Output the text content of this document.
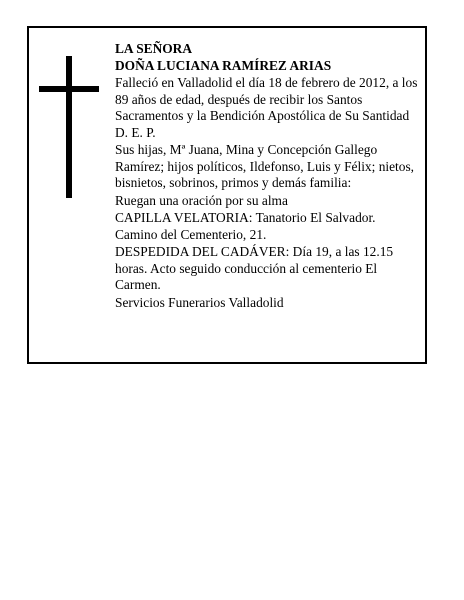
LA SEÑORA

DOÑA LUCIANA RAMÍREZ ARIAS

Falleció en Valladolid el día 18 de febrero de 2012, a los 89 años de edad, después de recibir los Santos Sacramentos y la Bendición Apostólica de Su Santidad

D. E. P.

Sus hijas, Mª Juana, Mina y Concepción Gallego Ramírez; hijos políticos, Ildefonso, Luis y Félix; nietos, bisnietos, sobrinos, primos y demás familia:

Ruegan una oración por su alma

CAPILLA VELATORIA: Tanatorio El Salvador. Camino del Cementerio, 21.

DESPEDIDA DEL CADÁVER: Día 19, a las 12.15 horas. Acto seguido conducción al cementerio El Carmen.

Servicios Funerarios Valladolid
